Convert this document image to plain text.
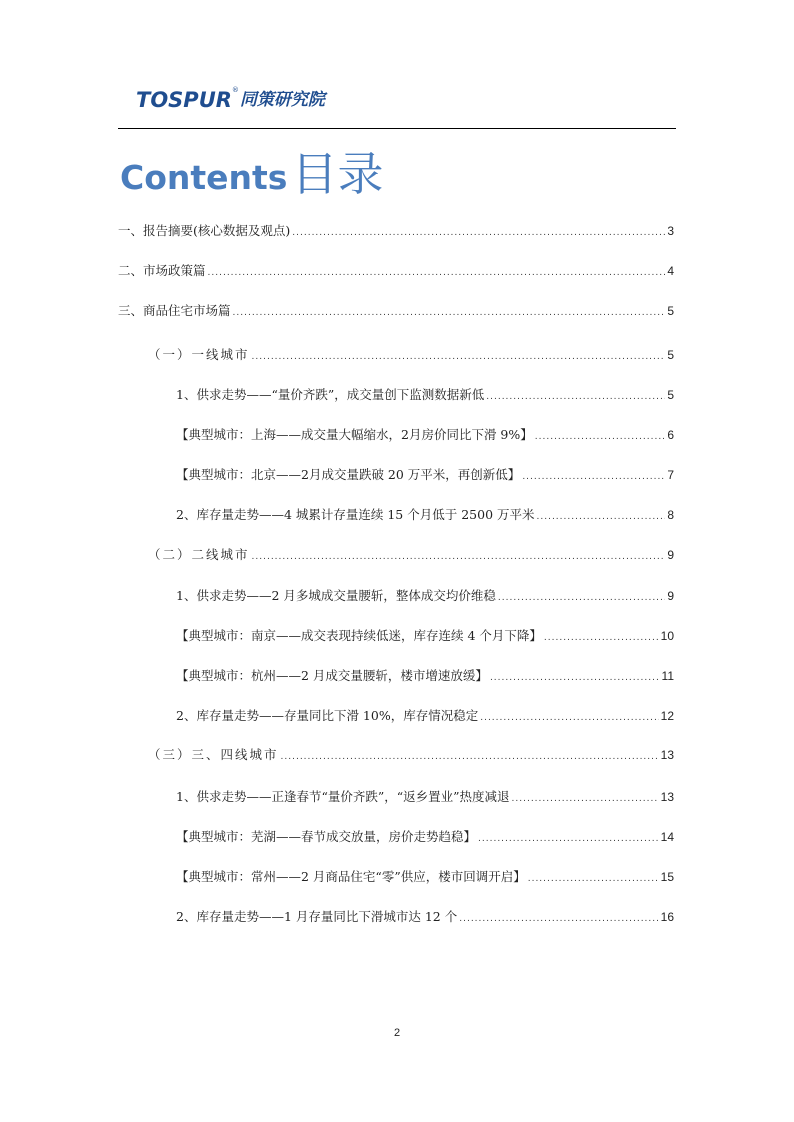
TOSPUR ® 同策研究院
Contents 目录
一、报告摘要(核心数据及观点) .....	3
二、市场政策篇 .....	4
三、商品住宅市场篇 .....	5
（一）一线城市 .....	5
1、供求走势——“量价齐跌”，成交量创下监测数据新低 .....	5
【典型城市：上海——成交量大幅缩水，2月房价同比下滑 9%】 .....	6
【典型城市：北京——2月成交量跌破 20 万平米，再创新低】 .....	7
2、库存量走势——4 城累计存量连续 15 个月低于 2500 万平米 .....	8
（二）二线城市 .....	9
1、供求走势——2 月多城成交量腰斩，整体成交均价维稳 .....	9
【典型城市：南京——成交表现持续低迷，库存连续 4 个月下降】 .....	10
【典型城市：杭州——2 月成交量腰斩，楼市增速放缓】 .....	11
2、库存量走势——存量同比下滑 10%，库存情况稳定 .....	12
（三）三、四线城市 .....	13
1、供求走势——正逢春节“量价齐跌”，“返乡置业”热度减退 .....	13
【典型城市：芜湖——春节成交放量，房价走势趋稳】 .....	14
【典型城市：常州——2 月商品住宅“零”供应，楼市回调开启】 .....	15
2、库存量走势——1 月存量同比下滑城市达 12 个 .....	16
2
